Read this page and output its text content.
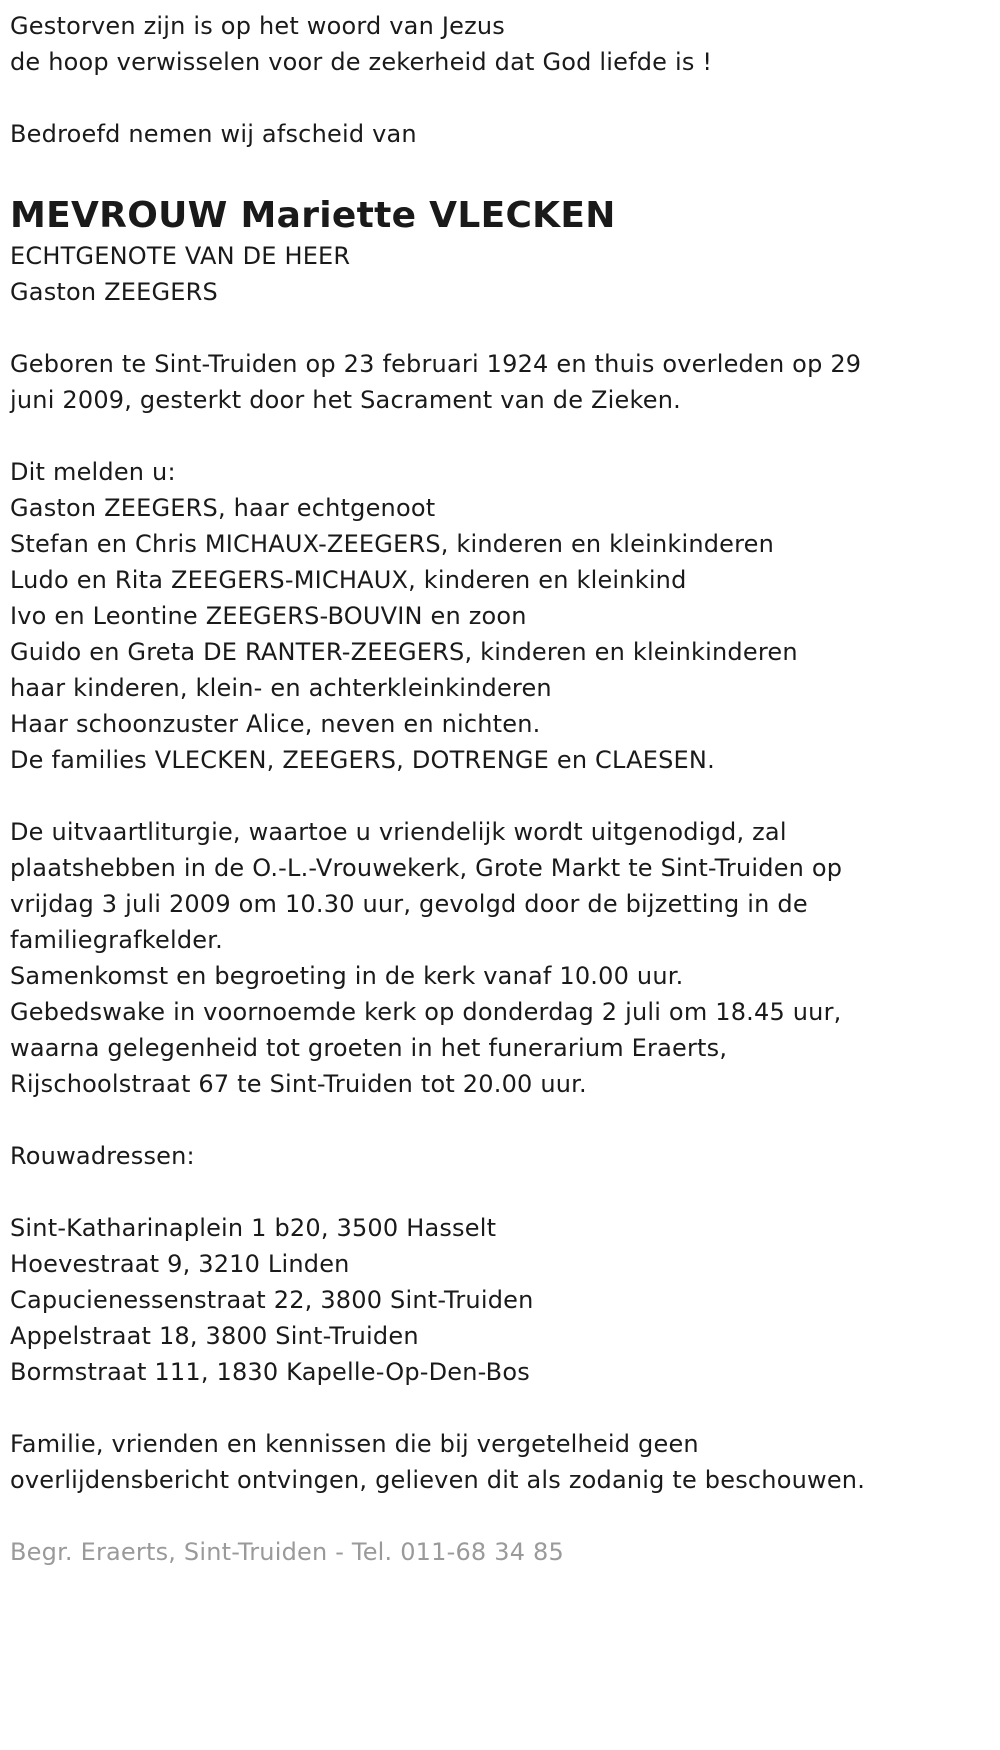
Gestorven zijn is op het woord van Jezus
de hoop verwisselen voor de zekerheid dat God liefde is !
Bedroefd nemen wij afscheid van
MEVROUW Mariette VLECKEN
ECHTGENOTE VAN DE HEER
Gaston ZEEGERS
Geboren te Sint-Truiden op 23 februari 1924 en thuis overleden op 29
juni 2009, gesterkt door het Sacrament van de Zieken.
Dit melden u:
Gaston ZEEGERS, haar echtgenoot
Stefan en Chris MICHAUX-ZEEGERS, kinderen en kleinkinderen
Ludo en Rita ZEEGERS-MICHAUX, kinderen en kleinkind
Ivo en Leontine ZEEGERS-BOUVIN en zoon
Guido en Greta DE RANTER-ZEEGERS, kinderen en kleinkinderen
haar kinderen, klein- en achterkleinkinderen
Haar schoonzuster Alice, neven en nichten.
De families VLECKEN, ZEEGERS, DOTRENGE en CLAESEN.
De uitvaartliturgie, waartoe u vriendelijk wordt uitgenodigd, zal
plaatshebben in de O.-L.-Vrouwekerk, Grote Markt te Sint-Truiden op
vrijdag 3 juli 2009 om 10.30 uur, gevolgd door de bijzetting in de
familiegrafkelder.
Samenkomst en begroeting in de kerk vanaf 10.00 uur.
Gebedswake in voornoemde kerk op donderdag 2 juli om 18.45 uur,
waarna gelegenheid tot groeten in het funerarium Eraerts,
Rijschoolstraat 67 te Sint-Truiden tot 20.00 uur.
Rouwadressen:
Sint-Katharinaplein 1 b20, 3500 Hasselt
Hoevestraat 9, 3210 Linden
Capucienessenstraat 22, 3800 Sint-Truiden
Appelstraat 18, 3800 Sint-Truiden
Bormstraat 111, 1830 Kapelle-Op-Den-Bos
Familie, vrienden en kennissen die bij vergetelheid geen
overlijdensbericht ontvingen, gelieven dit als zodanig te beschouwen.
Begr. Eraerts, Sint-Truiden - Tel. 011-68 34 85
